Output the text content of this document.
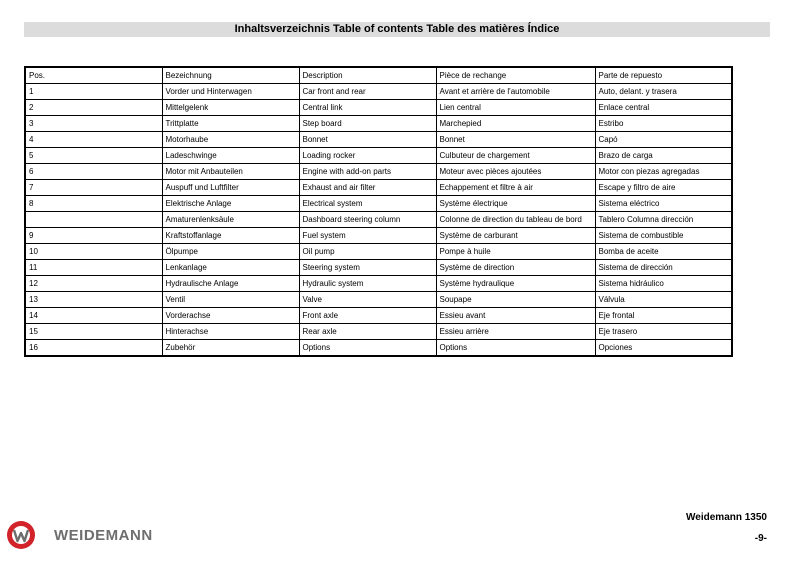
Inhaltsverzeichnis Table of contents Table des matières Índice
Pos.	Bezeichnung	Description	Pièce de rechange	Parte de repuesto
1	Vorder und Hinterwagen	Car front and rear	Avant et arrière de l'automobile	Auto, delant. y trasera
2	Mittelgelenk	Central link	Lien central	Enlace central
3	Trittplatte	Step board	Marchepied	Estribo
4	Motorhaube	Bonnet	Bonnet	Capó
5	Ladeschwinge	Loading rocker	Culbuteur de chargement	Brazo de carga
6	Motor mit Anbauteilen	Engine with add-on parts	Moteur avec pièces ajoutées	Motor con piezas agregadas
7	Auspuff und Luftfilter	Exhaust and air filter	Echappement et filtre à air	Escape y filtro de aire
8	Elektrische Anlage	Electrical system	Système électrique	Sistema eléctrico
	Amaturenlenksäule	Dashboard steering column	Colonne de direction du tableau de bord	Tablero Columna dirección
9	Kraftstoffanlage	Fuel system	Système de carburant	Sistema de combustible
10	Ölpumpe	Oil pump	Pompe à huile	Bomba de aceite
11	Lenkanlage	Steering system	Système de direction	Sistema de dirección
12	Hydraulische Anlage	Hydraulic system	Système hydraulique	Sistema hidráulico
13	Ventil	Valve	Soupape	Válvula
14	Vorderachse	Front axle	Essieu avant	Eje frontal
15	Hinterachse	Rear axle	Essieu arrière	Eje trasero
16	Zubehör	Options	Options	Opciones
WEIDEMANN
Weidemann 1350
-9-
